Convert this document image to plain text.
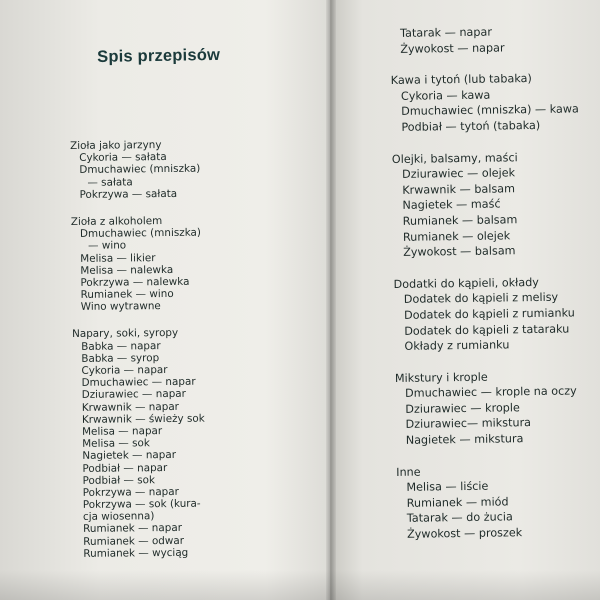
Spis przepisów
Zioła jako jarzyny
Cykoria — sałata
Dmuchawiec (mniszka)
— sałata
Pokrzywa — sałata
Zioła z alkoholem
Dmuchawiec (mniszka)
— wino
Melisa — likier
Melisa — nalewka
Pokrzywa — nalewka
Rumianek — wino
Wino wytrawne
Napary, soki, syropy
Babka — napar
Babka — syrop
Cykoria — napar
Dmuchawiec — napar
Dziurawiec — napar
Krwawnik — napar
Krwawnik — świeży sok
Melisa — napar
Melisa — sok
Nagietek — napar
Podbiał — napar
Podbiał — sok
Pokrzywa — napar
Pokrzywa — sok (kura-
cja wiosenna)
Rumianek — napar
Rumianek — odwar
Rumianek — wyciąg
Tatarak — napar
Żywokost — napar
Kawa i tytoń (lub tabaka)
Cykoria — kawa
Dmuchawiec (mniszka) — kawa
Podbiał — tytoń (tabaka)
Olejki, balsamy, maści
Dziurawiec — olejek
Krwawnik — balsam
Nagietek — maść
Rumianek — balsam
Rumianek — olejek
Żywokost — balsam
Dodatki do kąpieli, okłady
Dodatek do kąpieli z melisy
Dodatek do kąpieli z rumianku
Dodatek do kąpieli z tataraku
Okłady z rumianku
Mikstury i krople
Dmuchawiec — krople na oczy
Dziurawiec — krople
Dziurawiec— mikstura
Nagietek — mikstura
Inne
Melisa — liście
Rumianek — miód
Tatarak — do żucia
Żywokost — proszek
